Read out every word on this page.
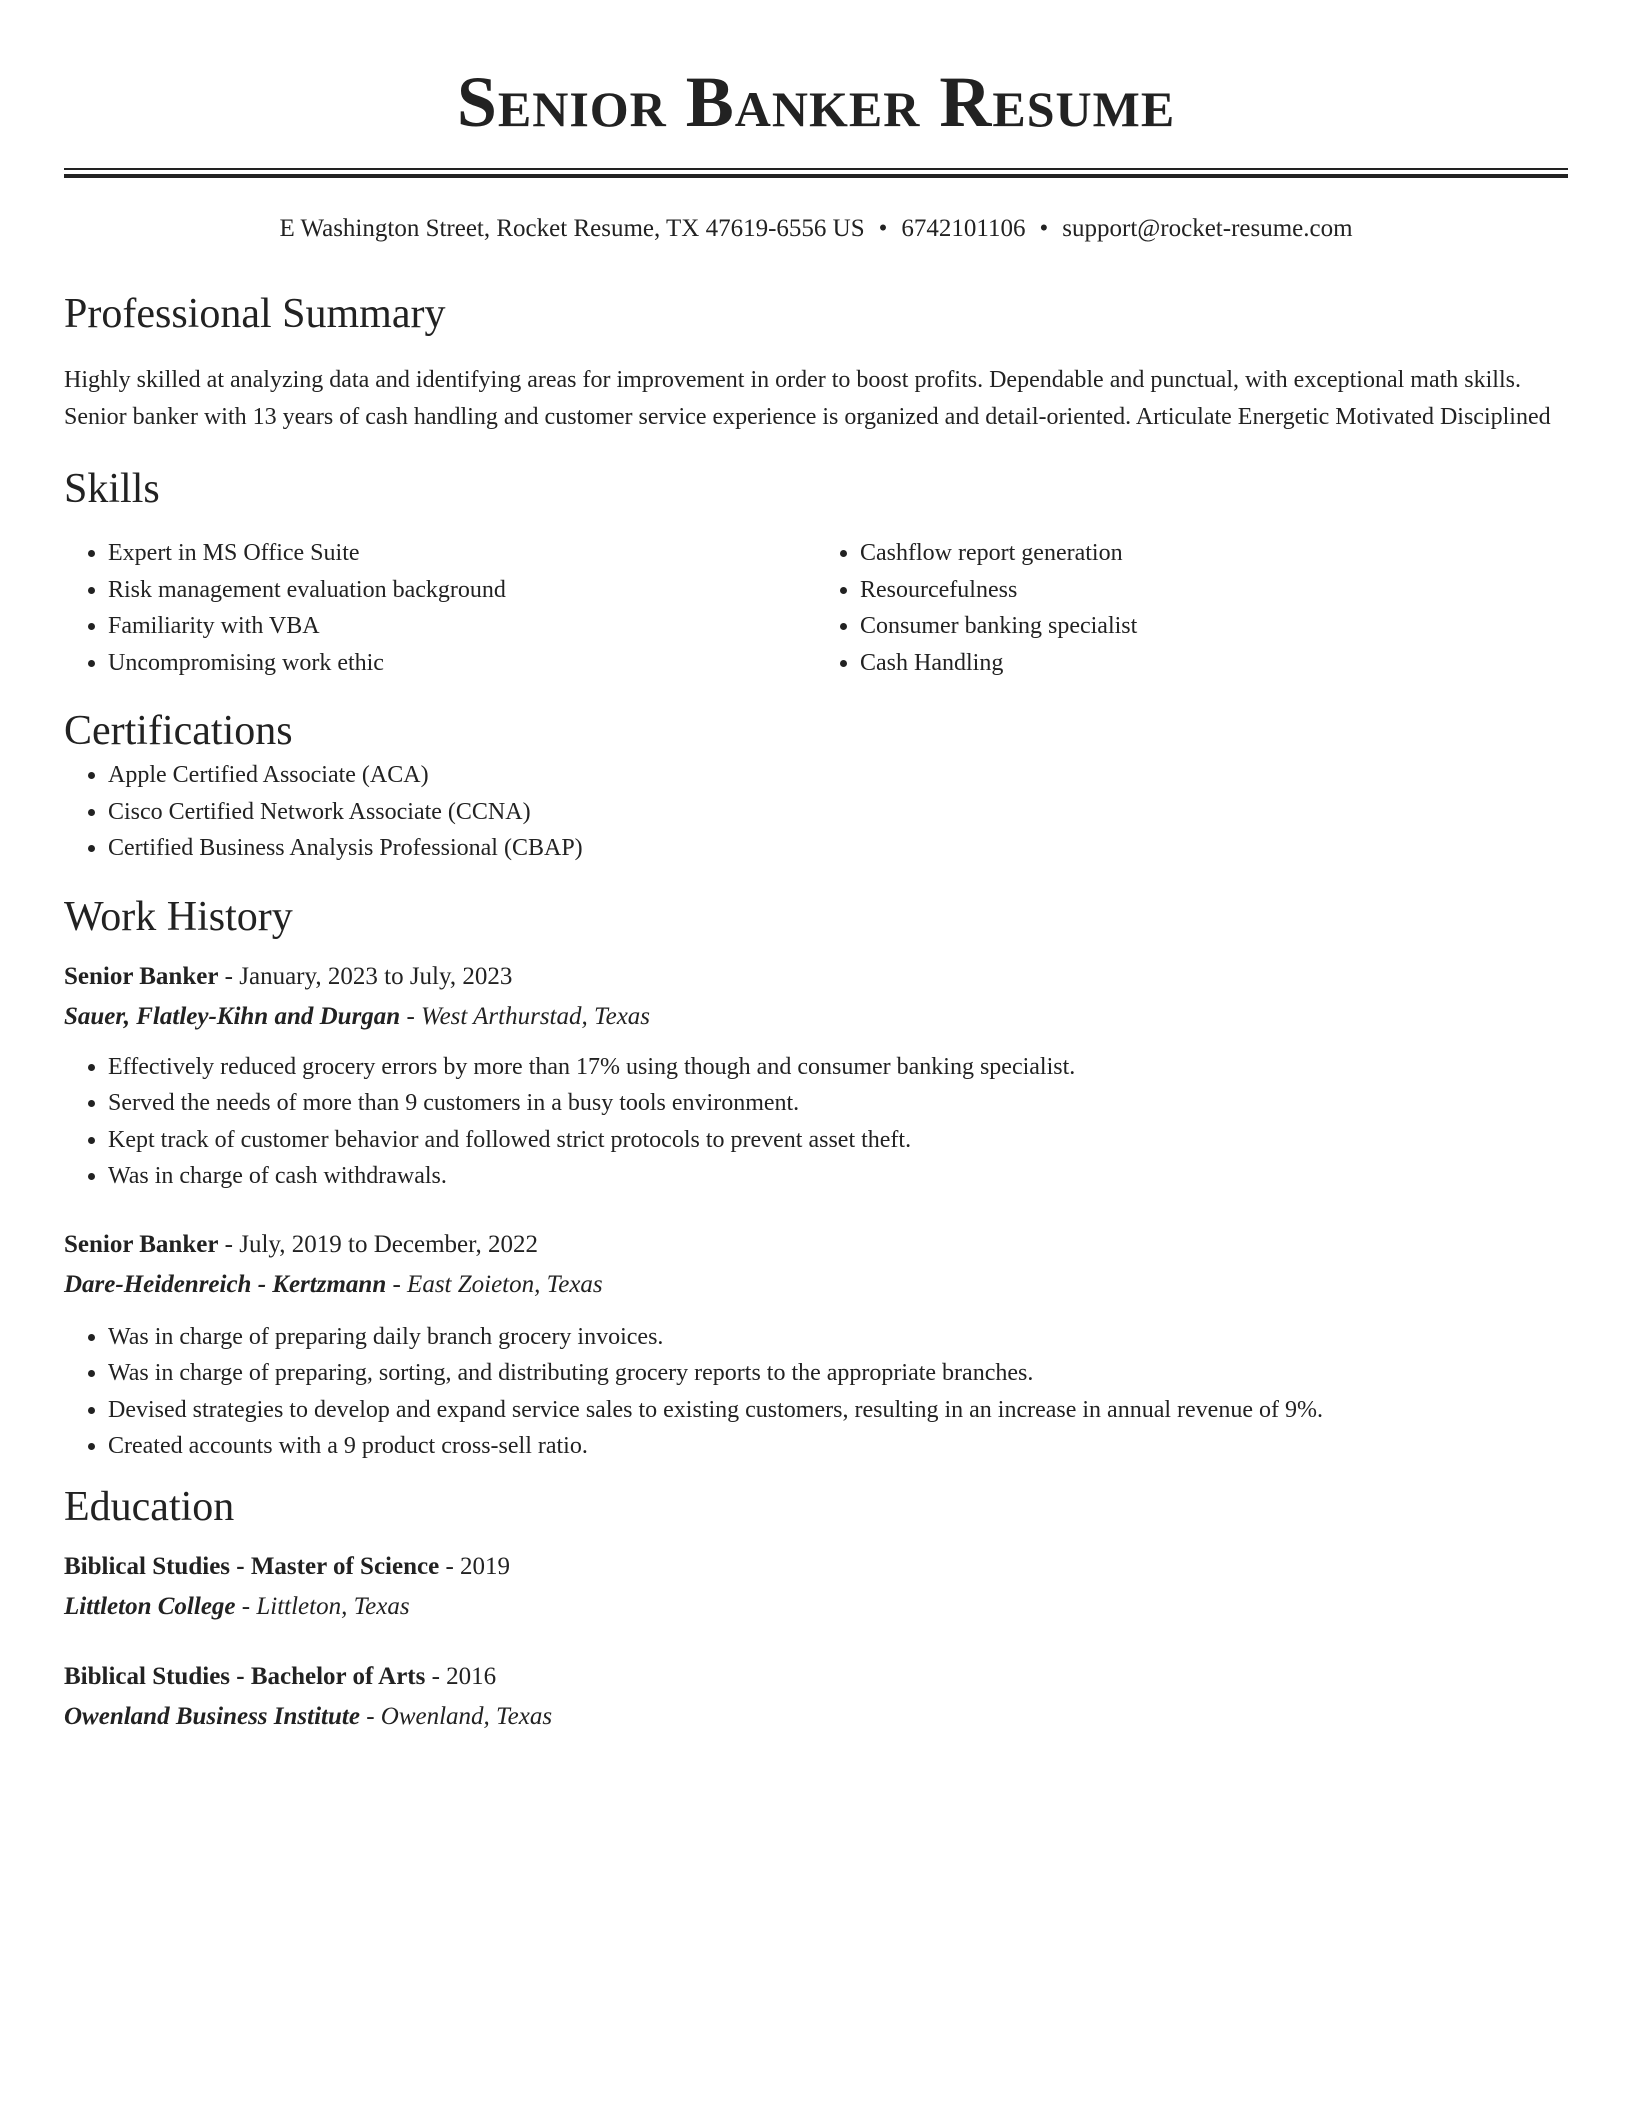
Senior Banker Resume
E Washington Street, Rocket Resume, TX 47619-6556 US • 6742101106 • support@rocket-resume.com
Professional Summary

Highly skilled at analyzing data and identifying areas for improvement in order to boost profits. Dependable and punctual, with exceptional math skills. Senior banker with 13 years of cash handling and customer service experience is organized and detail-oriented. Articulate Energetic Motivated Disciplined

Skills
• Expert in MS Office Suite
• Risk management evaluation background
• Familiarity with VBA
• Uncompromising work ethic
• Cashflow report generation
• Resourcefulness
• Consumer banking specialist
• Cash Handling
Certifications
• Apple Certified Associate (ACA)
• Cisco Certified Network Associate (CCNA)
• Certified Business Analysis Professional (CBAP)
Work History
Senior Banker - January, 2023 to July, 2023
Sauer, Flatley-Kihn and Durgan - West Arthurstad, Texas
• Effectively reduced grocery errors by more than 17% using though and consumer banking specialist.
• Served the needs of more than 9 customers in a busy tools environment.
• Kept track of customer behavior and followed strict protocols to prevent asset theft.
• Was in charge of cash withdrawals.
Senior Banker - July, 2019 to December, 2022
Dare-Heidenreich - Kertzmann - East Zoieton, Texas
• Was in charge of preparing daily branch grocery invoices.
• Was in charge of preparing, sorting, and distributing grocery reports to the appropriate branches.
• Devised strategies to develop and expand service sales to existing customers, resulting in an increase in annual revenue of 9%.
• Created accounts with a 9 product cross-sell ratio.
Education
Biblical Studies - Master of Science - 2019
Littleton College - Littleton, Texas
Biblical Studies - Bachelor of Arts - 2016
Owenland Business Institute - Owenland, Texas
